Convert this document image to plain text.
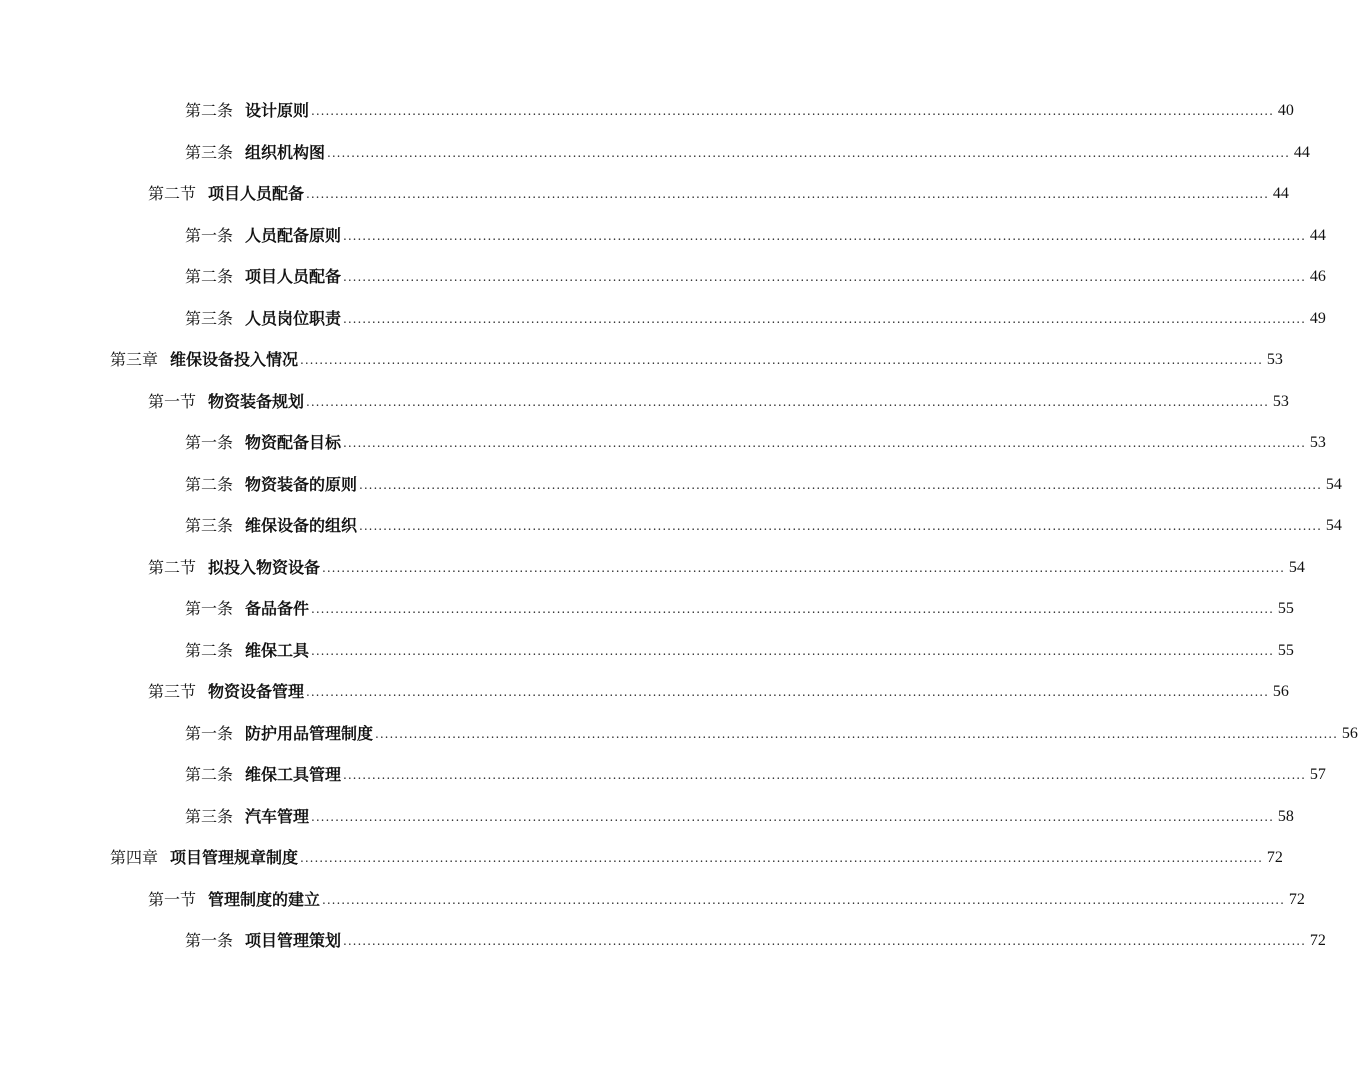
第二条 设计原则 ........................................................................................................................................................................................................ 40
第三条 组织机构图 ........................................................................................................................................................................................................ 44
第二节 项目人员配备 ........................................................................................................................................................................................................ 44
第一条 人员配备原则 ........................................................................................................................................................................................................ 44
第二条 项目人员配备 ........................................................................................................................................................................................................ 46
第三条 人员岗位职责 ........................................................................................................................................................................................................ 49
第三章 维保设备投入情况 ........................................................................................................................................................................................................ 53
第一节 物资装备规划 ........................................................................................................................................................................................................ 53
第一条 物资配备目标 ........................................................................................................................................................................................................ 53
第二条 物资装备的原则 ........................................................................................................................................................................................................ 54
第三条 维保设备的组织 ........................................................................................................................................................................................................ 54
第二节 拟投入物资设备 ........................................................................................................................................................................................................ 54
第一条 备品备件 ........................................................................................................................................................................................................ 55
第二条 维保工具 ........................................................................................................................................................................................................ 55
第三节 物资设备管理 ........................................................................................................................................................................................................ 56
第一条 防护用品管理制度 ........................................................................................................................................................................................................ 56
第二条 维保工具管理 ........................................................................................................................................................................................................ 57
第三条 汽车管理 ........................................................................................................................................................................................................ 58
第四章 项目管理规章制度 ........................................................................................................................................................................................................ 72
第一节 管理制度的建立 ........................................................................................................................................................................................................ 72
第一条 项目管理策划 ........................................................................................................................................................................................................ 72
